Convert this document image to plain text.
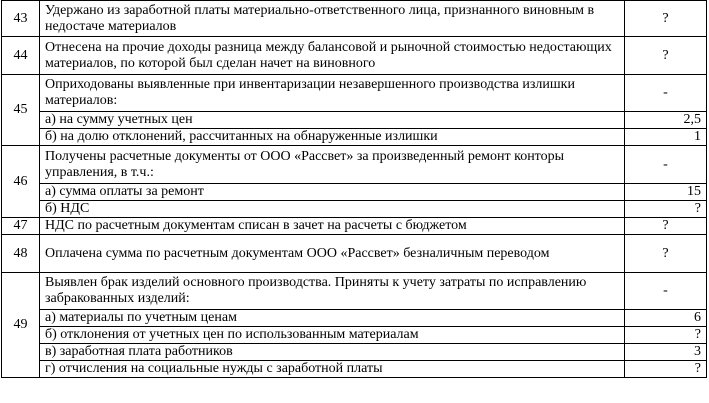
43	Удержано из заработной платы материально-ответственного лица, признанного виновным в недостаче материалов	?
44	Отнесена на прочие доходы разница между балансовой и рыночной стоимостью недостающих материалов, по которой был сделан начет на виновного	?
45	Оприходованы выявленные при инвентаризации незавершенного производства излишки материалов:	-
	а) на сумму учетных цен	2,5
	б) на долю отклонений, рассчитанных на обнаруженные излишки	1
46	Получены расчетные документы от ООО «Рассвет» за произведенный ремонт конторы управления, в т.ч.:	-
	а) сумма оплаты за ремонт	15
	б) НДС	?
47	НДС по расчетным документам списан в зачет на расчеты с бюджетом	?
48	Оплачена сумма по расчетным документам ООО «Рассвет» безналичным переводом	?
49	Выявлен брак изделий основного производства. Приняты к учету затраты по исправлению забракованных изделий:	-
	а) материалы по учетным ценам	6
	б) отклонения от учетных цен по использованным материалам	?
	в) заработная плата работников	3
	г) отчисления на социальные нужды с заработной платы	?
